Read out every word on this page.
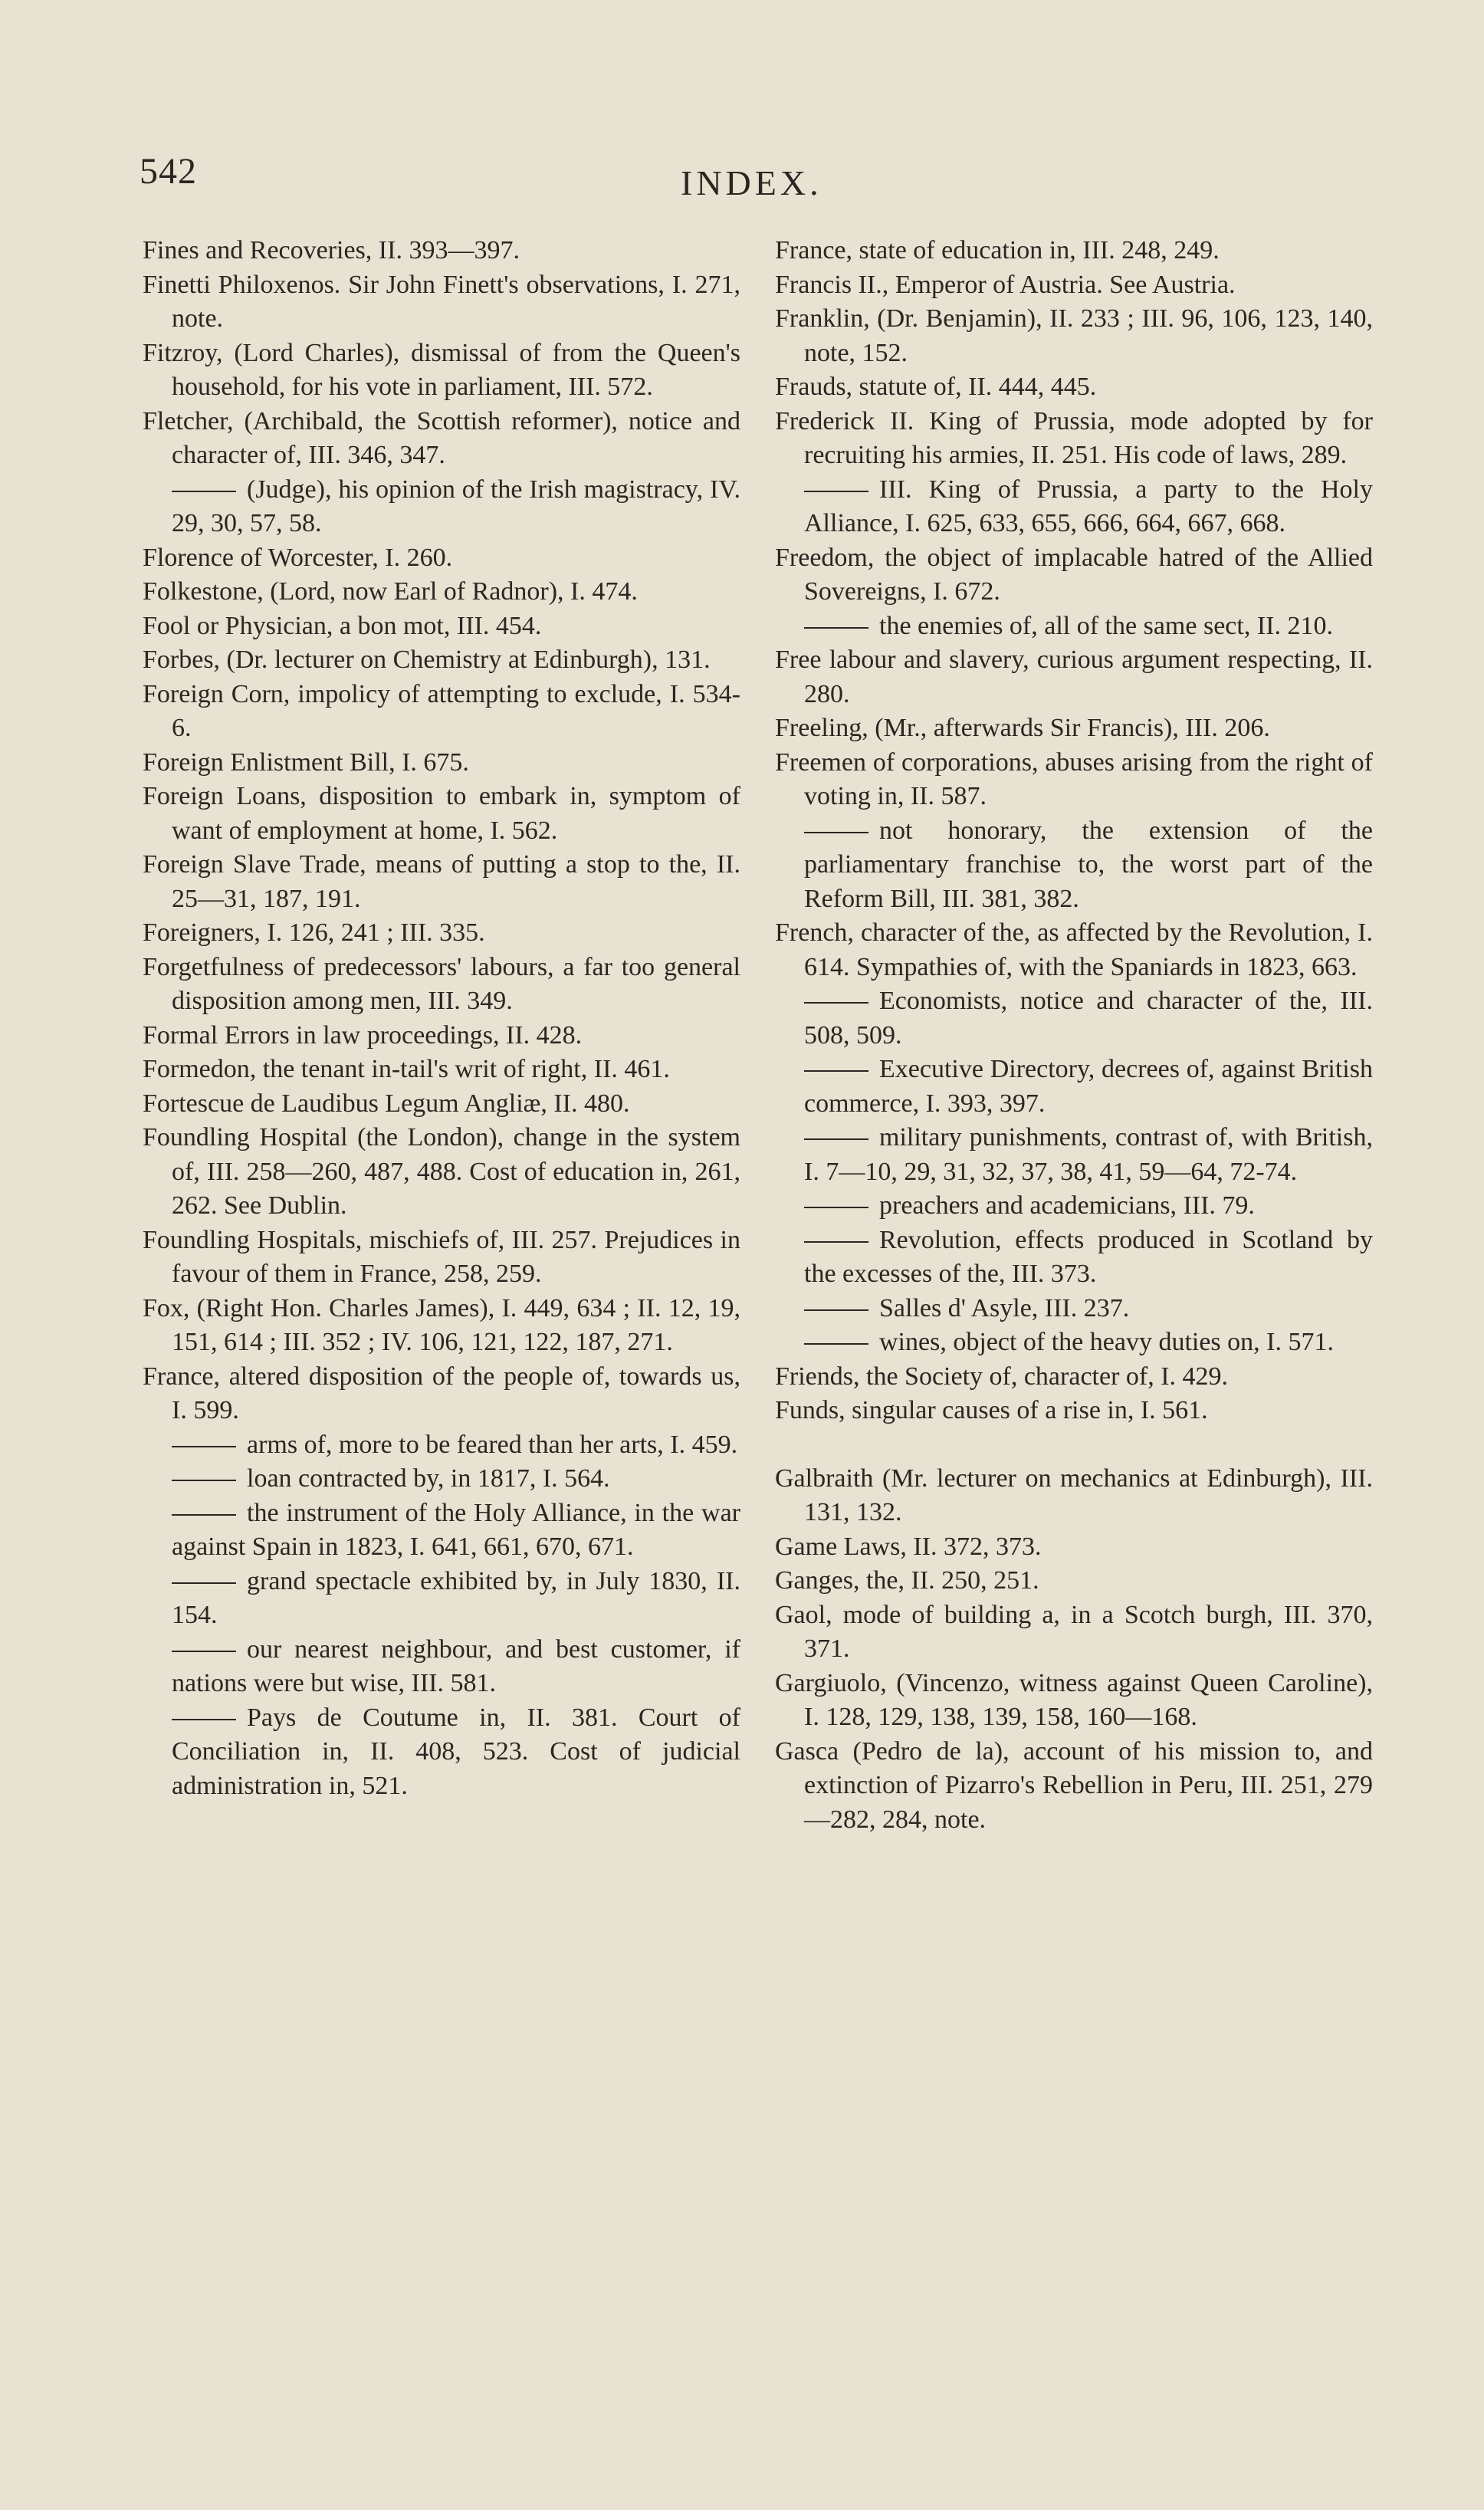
542	INDEX.

Fines and Recoveries, II. 393—397.

Finetti Philoxenos. Sir John Finett's observations, I. 271, note.

Fitzroy, (Lord Charles), dismissal of from the Queen's household, for his vote in parliament, III. 572.

Fletcher, (Archibald, the Scottish reformer), notice and character of, III. 346, 347.

(Judge), his opinion of the Irish magistracy, IV. 29, 30, 57, 58.

Florence of Worcester, I. 260.

Folkestone, (Lord, now Earl of Radnor), I. 474.

Fool or Physician, a bon mot, III. 454.

Forbes, (Dr. lecturer on Chemistry at Edinburgh), 131.

Foreign Corn, impolicy of attempting to exclude, I. 534-6.

Foreign Enlistment Bill, I. 675.

Foreign Loans, disposition to embark in, symptom of want of employment at home, I. 562.

Foreign Slave Trade, means of putting a stop to the, II. 25—31, 187, 191.

Foreigners, I. 126, 241 ; III. 335.

Forgetfulness of predecessors' labours, a far too general disposition among men, III. 349.

Formal Errors in law proceedings, II. 428.

Formedon, the tenant in-tail's writ of right, II. 461.

Fortescue de Laudibus Legum Angliæ, II. 480.

Foundling Hospital (the London), change in the system of, III. 258—260, 487, 488. Cost of education in, 261, 262. See Dublin.

Foundling Hospitals, mischiefs of, III. 257. Prejudices in favour of them in France, 258, 259.

Fox, (Right Hon. Charles James), I. 449, 634 ; II. 12, 19, 151, 614 ; III. 352 ; IV. 106, 121, 122, 187, 271.

France, altered disposition of the people of, towards us, I. 599.

arms of, more to be feared than her arts, I. 459.

loan contracted by, in 1817, I. 564.

the instrument of the Holy Alliance, in the war against Spain in 1823, I. 641, 661, 670, 671.

grand spectacle exhibited by, in July 1830, II. 154.

our nearest neighbour, and best customer, if nations were but wise, III. 581.

Pays de Coutume in, II. 381. Court of Conciliation in, II. 408, 523. Cost of judicial administration in, 521.

France, state of education in, III. 248, 249.

Francis II., Emperor of Austria. See Austria.

Franklin, (Dr. Benjamin), II. 233 ; III. 96, 106, 123, 140, note, 152.

Frauds, statute of, II. 444, 445.

Frederick II. King of Prussia, mode adopted by for recruiting his armies, II. 251. His code of laws, 289.

III. King of Prussia, a party to the Holy Alliance, I. 625, 633, 655, 666, 664, 667, 668.

Freedom, the object of implacable hatred of the Allied Sovereigns, I. 672.

the enemies of, all of the same sect, II. 210.

Free labour and slavery, curious argument respecting, II. 280.

Freeling, (Mr., afterwards Sir Francis), III. 206.

Freemen of corporations, abuses arising from the right of voting in, II. 587.

not honorary, the extension of the parliamentary franchise to, the worst part of the Reform Bill, III. 381, 382.

French, character of the, as affected by the Revolution, I. 614. Sympathies of, with the Spaniards in 1823, 663.

Economists, notice and character of the, III. 508, 509.

Executive Directory, decrees of, against British commerce, I. 393, 397.

military punishments, contrast of, with British, I. 7—10, 29, 31, 32, 37, 38, 41, 59—64, 72-74.

preachers and academicians, III. 79.

Revolution, effects produced in Scotland by the excesses of the, III. 373.

Salles d' Asyle, III. 237.

wines, object of the heavy duties on, I. 571.

Friends, the Society of, character of, I. 429.

Funds, singular causes of a rise in, I. 561.

Galbraith (Mr. lecturer on mechanics at Edinburgh), III. 131, 132.

Game Laws, II. 372, 373.

Ganges, the, II. 250, 251.

Gaol, mode of building a, in a Scotch burgh, III. 370, 371.

Gargiuolo, (Vincenzo, witness against Queen Caroline), I. 128, 129, 138, 139, 158, 160—168.

Gasca (Pedro de la), account of his mission to, and extinction of Pizarro's Rebellion in Peru, III. 251, 279—282, 284, note.
